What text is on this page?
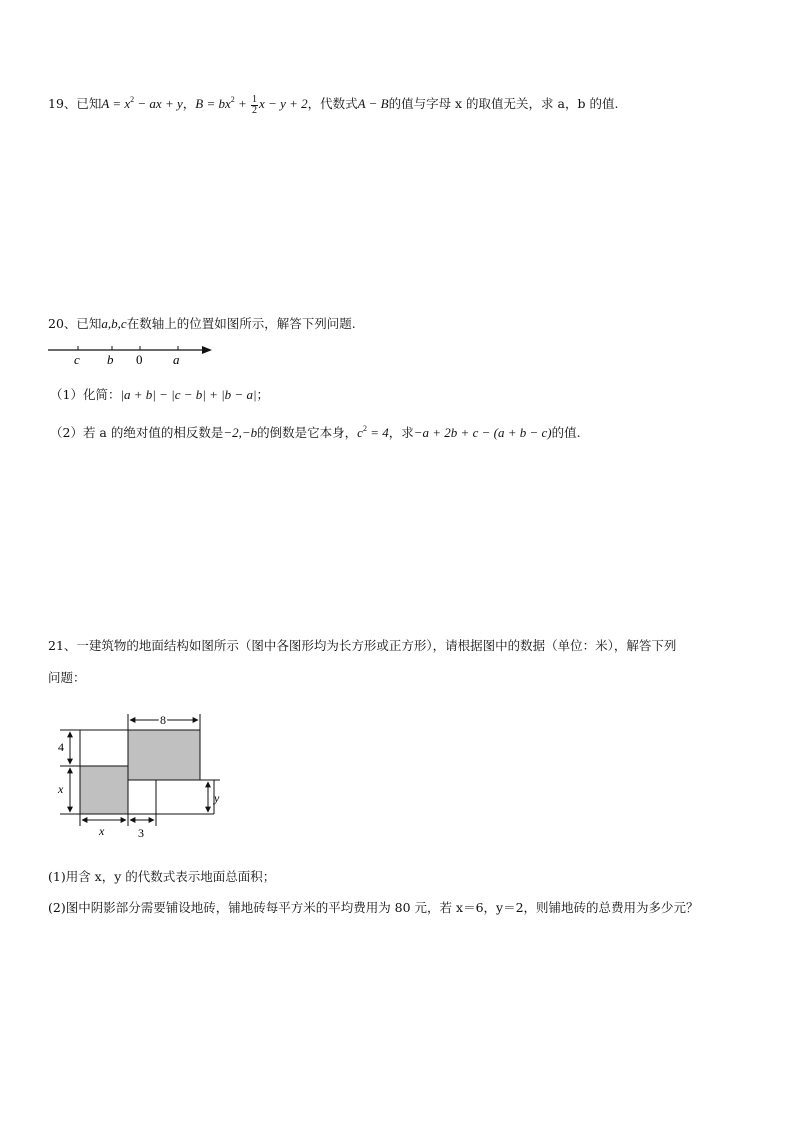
19、已知$A = x^2$ − ax + y，$B = bx^2 + \frac{1}{2}$ x − y + 2，代数式A − B的值与字母 x 的取值无关，求 a，b 的值.
20、已知a,b,c在数轴上的位置如图所示，解答下列问题.
c b 0 a
（1）化简：|a + b| − |c − b| + |b − a|；
（2）若 a 的绝对值的相反数是−2,−b的倒数是它本身，$c^2 = 4$，求−a + 2b + c − (a + b − c)的值.
21、一建筑物的地面结构如图所示（图中各图形均为长方形或正方形），请根据图中的数据（单位：米），解答下列
问题：
8
4
x
y
x	3
(1)用含 x，y 的代数式表示地面总面积；
(2)图中阴影部分需要铺设地砖，铺地砖每平方米的平均费用为 80 元，若 x＝6，y＝2，则铺地砖的总费用为多少元？
